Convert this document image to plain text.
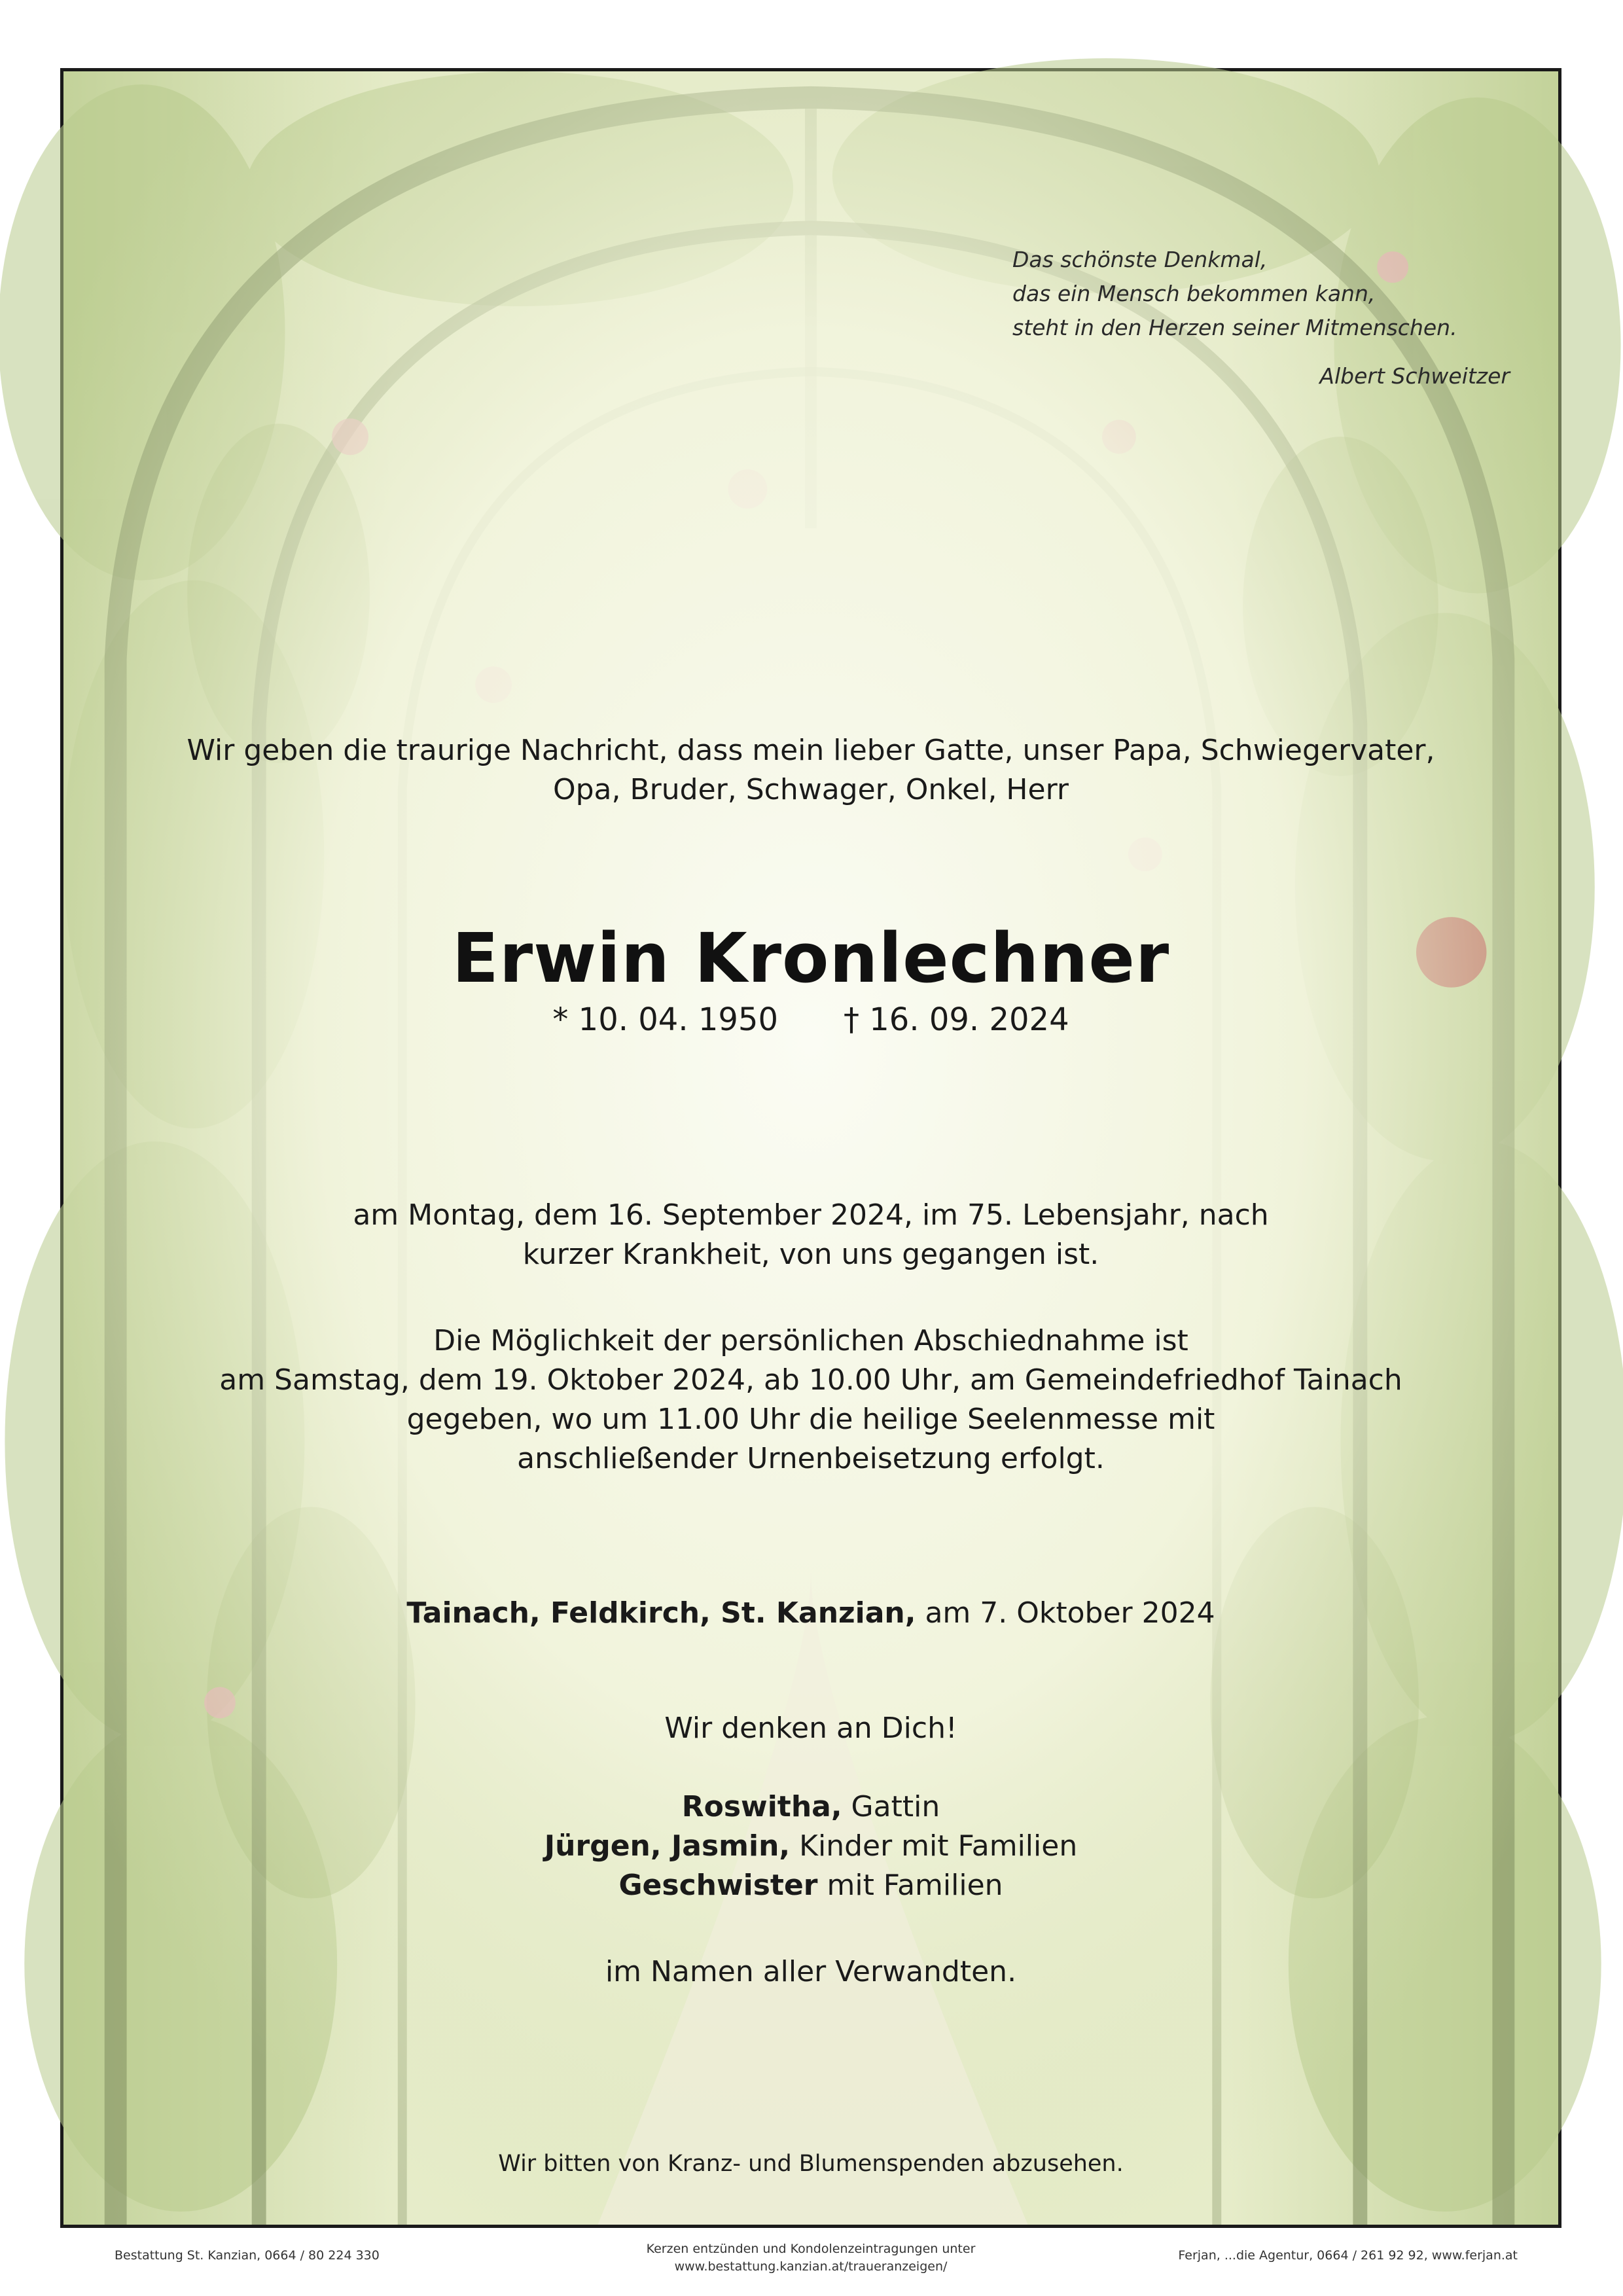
Das schönste Denkmal,
das ein Mensch bekommen kann,
steht in den Herzen seiner Mitmenschen.
Albert Schweitzer
Wir geben die traurige Nachricht, dass mein lieber Gatte, unser Papa, Schwiegervater,
Opa, Bruder, Schwager, Onkel, Herr
Erwin Kronlechner
* 10. 04. 1950 † 16. 09. 2024
am Montag, dem 16. September 2024, im 75. Lebensjahr, nach
kurzer Krankheit, von uns gegangen ist.
Die Möglichkeit der persönlichen Abschiednahme ist
am Samstag, dem 19. Oktober 2024, ab 10.00 Uhr, am Gemeindefriedhof Tainach
gegeben, wo um 11.00 Uhr die heilige Seelenmesse mit
anschließender Urnenbeisetzung erfolgt.
Tainach, Feldkirch, St. Kanzian, am 7. Oktober 2024
Wir denken an Dich!
Roswitha, Gattin
Jürgen, Jasmin, Kinder mit Familien
Geschwister mit Familien
im Namen aller Verwandten.
Wir bitten von Kranz- und Blumenspenden abzusehen.
Bestattung St. Kanzian, 0664 / 80 224 330	Kerzen entzünden und Kondolenzeintragungen unter
www.bestattung.kanzian.at/traueranzeigen/
Ferjan, ...die Agentur, 0664 / 261 92 92, www.ferjan.at
